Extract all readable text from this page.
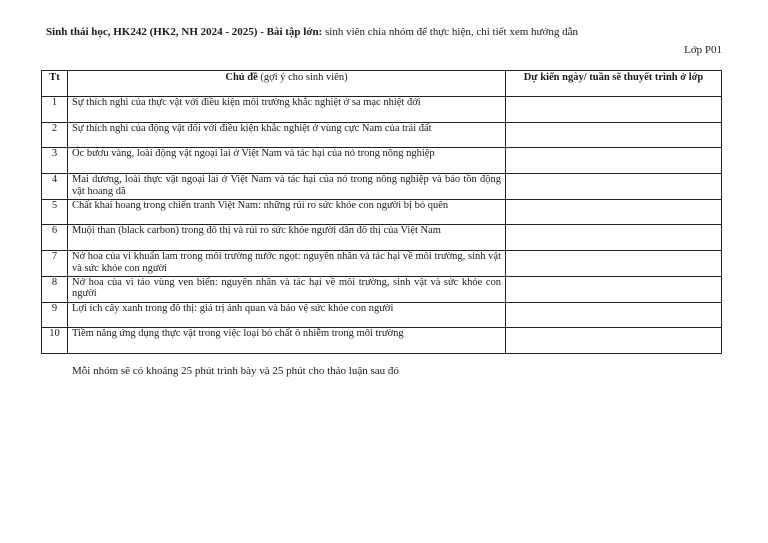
Sinh thái học, HK242 (HK2, NH 2024 - 2025) - Bài tập lớn: sinh viên chia nhóm để thực hiện, chi tiết xem hướng dẫn
Lớp P01
Tt	Chủ đề (gợi ý cho sinh viên)	Dự kiến ngày/ tuần sẽ thuyết trình ở lớp
1	Sự thích nghi của thực vật với điều kiện môi trường khắc nghiệt ở sa mạc nhiệt đới	
2	Sự thích nghi của động vật đối với điều kiện khắc nghiệt ở vùng cực Nam của trái đất	
3	Ốc bươu vàng, loài động vật ngoại lai ở Việt Nam và tác hại của nó trong nông nghiệp	
4	Mai dương, loài thực vật ngoại lai ở Việt Nam và tác hại của nó trong nông nghiệp và bảo tồn động vật hoang dã	
5	Chất khai hoang trong chiến tranh Việt Nam: những rủi ro sức khỏe con người bị bỏ quên	
6	Muội than (black carbon) trong đô thị và rủi ro sức khỏe người dân đô thị của Việt Nam	
7	Nở hoa của vi khuẩn lam trong môi trường nước ngọt: nguyên nhân và tác hại về môi trường, sinh vật và sức khỏe con người	
8	Nở hoa của vi tảo vùng ven biển: nguyên nhân và tác hại về môi trường, sinh vật và sức khỏe con người	
9	Lợi ích cây xanh trong đô thị: giá trị ảnh quan và bảo vệ sức khỏe con người	
10	Tiềm năng ứng dụng thực vật trong việc loại bỏ chất ô nhiễm trong môi trường	
Mỗi nhóm sẽ có khoảng 25 phút trình bày và 25 phút cho thảo luận sau đó
